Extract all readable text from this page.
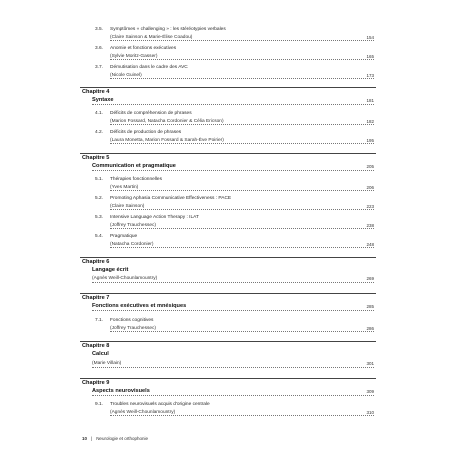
3.5. Symptômes « challenging » : les stéréotypies verbales
(Claire Sainson & Marie-Élise Coadou)	154
3.6. Anomie et fonctions exécutives
(Sylvie Moritz-Gasser)	165
3.7. Démutisation dans le cadre des AVC
(Nicole Guinel)	173
Chapitre 4
Syntaxe	181
4.1. Déficits de compréhension de phrases
(Marion Fossard, Natacha Cordonier & Célia Ericson)	182
4.2. Déficits de production de phrases
(Laura Monetta, Marion Fossard & Sarah-Ève Poirier)	195
Chapitre 5
Communication et pragmatique	205
5.1. Thérapies fonctionnelles
(Yves Martin)	206
5.2. Promoting Aphasia Communicative Effectiveness : PACE
(Claire Sainson)	223
5.3. Intensive Language Action Therapy : ILAT
(Joffrey Trauchessec)	238
5.4. Pragmatique
(Natacha Cordonier)	248
Chapitre 6
Langage écrit
(Agnès Weill-Chounlamountry)	269
Chapitre 7
Fonctions exécutives et mnésiques	285
7.1. Fonctions cognitives
(Joffrey Trauchessec)	286
Chapitre 8
Calcul
(Marie Villain)	301
Chapitre 9
Aspects neurovisuels	309
9.1. Troubles neurovisuels acquis d'origine centrale
(Agnès Weill-Chounlamountry)	310
10 | Neurologie et orthophonie
